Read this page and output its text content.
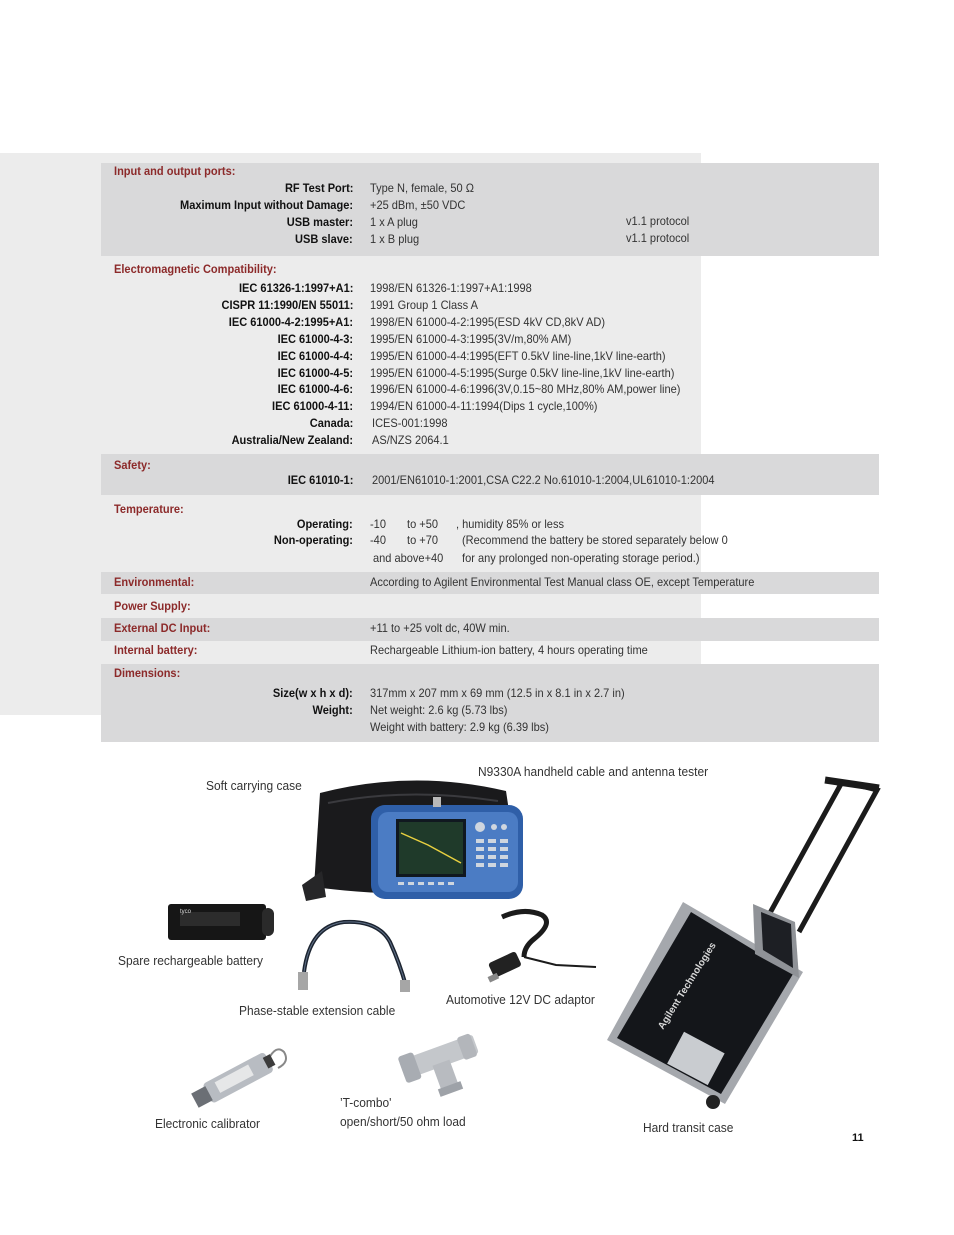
Input and output ports:
RF Test Port: Type N, female, 50 Ω
Maximum Input without Damage: +25 dBm, ±50 VDC
USB master: 1 x A plug	v1.1 protocol
USB slave: 1 x B plug	v1.1 protocol
Electromagnetic Compatibility:
IEC 61326-1:1997+A1: 1998/EN 61326-1:1997+A1:1998
CISPR 11:1990/EN 55011: 1991 Group 1 Class A
IEC 61000-4-2:1995+A1: 1998/EN 61000-4-2:1995(ESD 4kV CD,8kV AD)
IEC 61000-4-3: 1995/EN 61000-4-3:1995(3V/m,80% AM)
IEC 61000-4-4: 1995/EN 61000-4-4:1995(EFT 0.5kV line-line,1kV line-earth)
IEC 61000-4-5: 1995/EN 61000-4-5:1995(Surge 0.5kV line-line,1kV line-earth)
IEC 61000-4-6: 1996/EN 61000-4-6:1996(3V,0.15~80 MHz,80% AM,power line)
IEC 61000-4-11: 1994/EN 61000-4-11:1994(Dips 1 cycle,100%)
Canada: ICES-001:1998
Australia/New Zealand: AS/NZS 2064.1
Safety:
IEC 61010-1: 2001/EN61010-1:2001,CSA C22.2 No.61010-1:2004,UL61010-1:2004
Temperature:
Operating: -10 to +50 , humidity 85% or less
Non-operating: -40 to +70 (Recommend the battery be stored separately below 0
and above+40 for any prolonged non-operating storage period.)
Environmental:	According to Agilent Environmental Test Manual class OE, except Temperature
Power Supply:
External DC Input:	+11 to +25 volt dc, 40W min.
Internal battery:	Rechargeable Lithium-ion battery, 4 hours operating time
Dimensions:
Size(w x h x d): 317mm x 207 mm x 69 mm (12.5 in x 8.1 in x 2.7 in)
Weight: Net weight: 2.6 kg (5.73 lbs)
Weight with battery: 2.9 kg (6.39 lbs)
tyco
Agilent Technologies
N9330A handheld cable and antenna tester
Soft carrying case
Spare rechargeable battery
Automotive 12V DC adaptor
Phase-stable extension cable
’T-combo'
open/short/50 ohm load
Electronic calibrator	Hard transit case
11
